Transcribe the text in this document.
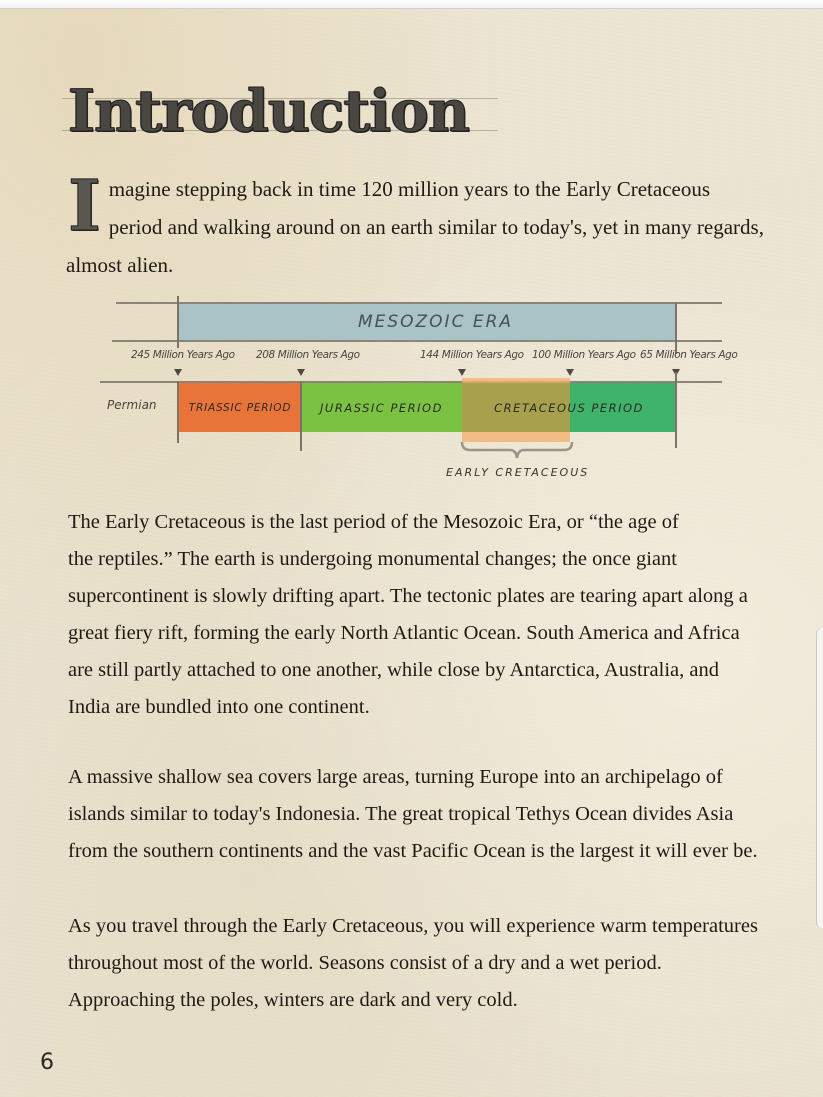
Introduction
I magine stepping back in time 120 million years to the Early Cretaceous
period and walking around on an earth similar to today's, yet in many regards,
almost alien.
MESOZOIC ERA
245 Million Years Ago 208 Million Years Ago	144 Million Years Ago 100 Million Years Ago 65 Million Years Ago
Permian	TRIASSIC PERIOD	JURASSIC PERIOD	CRETACEOUS PERIOD
EARLY CRETACEOUS
The Early Cretaceous is the last period of the Mesozoic Era, or “the age of
the reptiles.” The earth is undergoing monumental changes; the once giant
supercontinent is slowly drifting apart. The tectonic plates are tearing apart along a
great fiery rift, forming the early North Atlantic Ocean. South America and Africa
are still partly attached to one another, while close by Antarctica, Australia, and
India are bundled into one continent.
A massive shallow sea covers large areas, turning Europe into an archipelago of
islands similar to today's Indonesia. The great tropical Tethys Ocean divides Asia
from the southern continents and the vast Pacific Ocean is the largest it will ever be.
As you travel through the Early Cretaceous, you will experience warm temperatures
throughout most of the world. Seasons consist of a dry and a wet period.
Approaching the poles, winters are dark and very cold.
6
